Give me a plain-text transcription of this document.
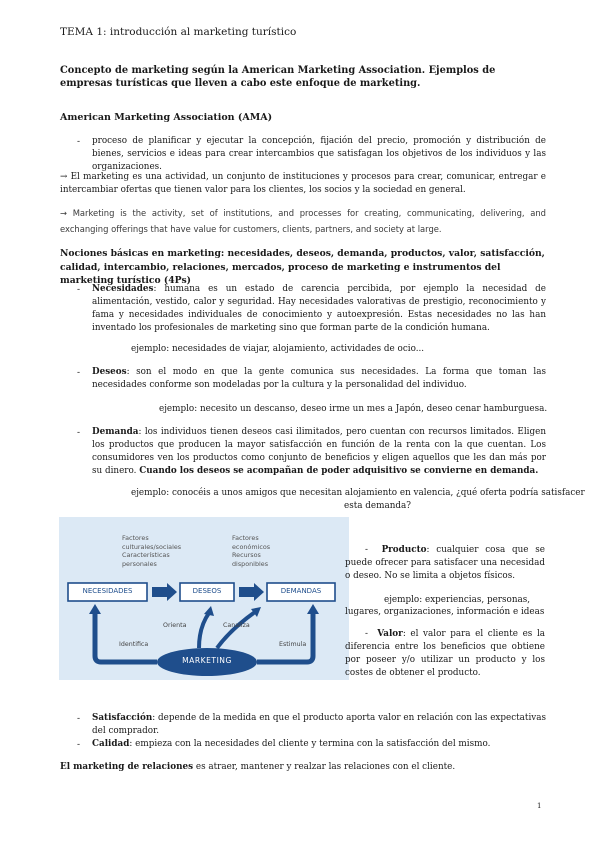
TEMA 1: introducción al marketing turístico
Concepto de marketing según la American Marketing Association. Ejemplos de empresas turísticas que lleven a cabo este enfoque de marketing.
American Marketing Association (AMA)
- proceso de planificar y ejecutar la concepción, fijación del precio, promoción y distribución de bienes, servicios e ideas para crear intercambios que satisfagan los objetivos de los individuos y las organizaciones.
→ El marketing es una actividad, un conjunto de instituciones y procesos para crear, comunicar, entregar e intercambiar ofertas que tienen valor para los clientes, los socios y la sociedad en general.
→ Marketing is the activity, set of institutions, and processes for creating, communicating, delivering, and exchanging offerings that have value for customers, clients, partners, and society at large.
Nociones básicas en marketing: necesidades, deseos, demanda, productos, valor, satisfacción, calidad, intercambio, relaciones, mercados, proceso de marketing e instrumentos del marketing turístico (4Ps)
- Necesidades: humana es un estado de carencia percibida, por ejemplo la necesidad de alimentación, vestido, calor y seguridad. Hay necesidades valorativas de prestigio, reconocimiento y fama y necesidades individuales de conocimiento y autoexpresión. Estas necesidades no las han inventado los profesionales de marketing sino que forman parte de la condición humana.
ejemplo: necesidades de viajar, alojamiento, actividades de ocio...
- Deseos: son el modo en que la gente comunica sus necesidades. La forma que toman las necesidades conforme son modeladas por la cultura y la personalidad del individuo.
ejemplo: necesito un descanso, deseo irme un mes a Japón, deseo cenar hamburguesa.
- Demanda: los individuos tienen deseos casi ilimitados, pero cuentan con recursos limitados. Eligen los productos que producen la mayor satisfacción en función de la renta con la que cuentan. Los consumidores ven los productos como conjunto de beneficios y eligen aquellos que les dan más por su dinero. Cuando los deseos se acompañan de poder adquisitivo se convierne en demanda.
ejemplo: conocéis a unos amigos que necesitan alojamiento en valencia, ¿qué oferta podría satisfacer
esta demanda?
Factores
culturales/sociales
Características
personales
Factores
económicos
Recursos
disponibles
NECESIDADES	DESEOS	DEMANDAS
Orienta	Canaliza
Identifica	Estimula
MARKETING
- Producto: cualquier cosa que se puede ofrecer para satisfacer una necesidad o deseo. No se limita a objetos físicos.
ejemplo: experiencias, personas,
lugares, organizaciones, información e ideas
- Valor: el valor para el cliente es la diferencia entre los beneficios que obtiene por poseer y/o utilizar un producto y los costes de obtener el producto.
- Satisfacción: depende de la medida en que el producto aporta valor en relación con las expectativas del comprador.
- Calidad: empieza con la necesidades del cliente y termina con la satisfacción del mismo.
El marketing de relaciones es atraer, mantener y realzar las relaciones con el cliente.
1
